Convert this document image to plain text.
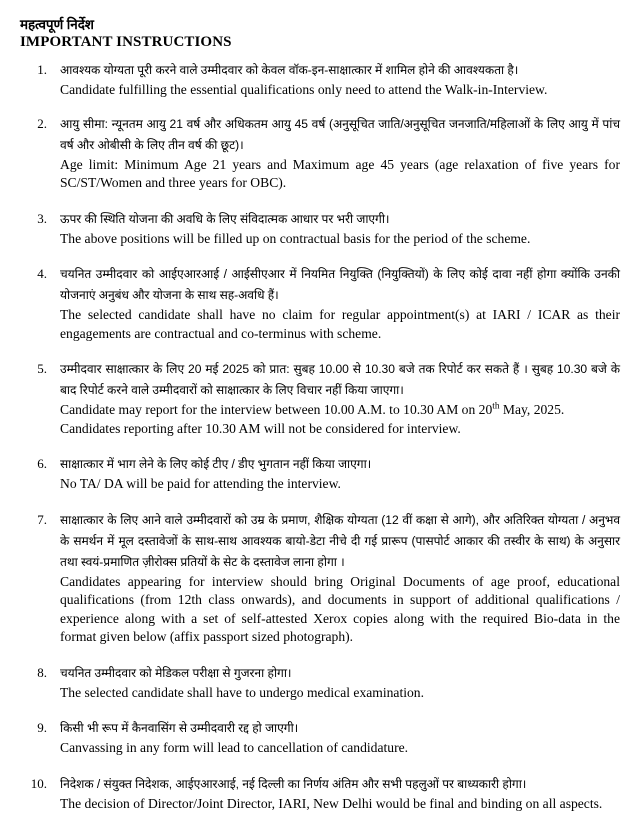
महत्वपूर्ण निर्देश
IMPORTANT INSTRUCTIONS
1.	आवश्यक योग्यता पूरी करने वाले उम्मीदवार को केवल वॉक-इन-साक्षात्कार में शामिल होने की आवश्यकता है।

Candidate fulfilling the essential qualifications only need to attend the Walk-in-Interview.

2.	आयु सीमा: न्यूनतम आयु 21 वर्ष और अधिकतम आयु 45 वर्ष (अनुसूचित जाति/अनुसूचित जनजाति/महिलाओं के लिए आयु में पांच वर्ष और ओबीसी के लिए तीन वर्ष की छूट)।

Age limit: Minimum Age 21 years and Maximum age 45 years (age relaxation of five years for SC/ST/Women and three years for OBC).

3.	ऊपर की स्थिति योजना की अवधि के लिए संविदात्मक आधार पर भरी जाएगी।

The above positions will be filled up on contractual basis for the period of the scheme.

4.	चयनित उम्मीदवार को आईएआरआई / आईसीएआर में नियमित नियुक्ति (नियुक्तियों) के लिए कोई दावा नहीं होगा क्योंकि उनकी योजनाएं अनुबंध और योजना के साथ सह-अवधि हैं।

The selected candidate shall have no claim for regular appointment(s) at IARI / ICAR as their engagements are contractual and co-terminus with scheme.

5.	उम्मीदवार साक्षात्कार के लिए 20 मई 2025 को प्रात: सुबह 10.00 से 10.30 बजे तक रिपोर्ट कर सकते हैं । सुबह 10.30 बजे के बाद रिपोर्ट करने वाले उम्मीदवारों को साक्षात्कार के लिए विचार नहीं किया जाएगा।

Candidate may report for the interview between 10.00 A.M. to 10.30 AM on 20th May, 2025.

Candidates reporting after 10.30 AM will not be considered for interview.

6.	साक्षात्कार में भाग लेने के लिए कोई टीए / डीए भुगतान नहीं किया जाएगा।

No TA/ DA will be paid for attending the interview.

7.	साक्षात्कार के लिए आने वाले उम्मीदवारों को उम्र के प्रमाण, शैक्षिक योग्यता (12 वीं कक्षा से आगे), और अतिरिक्त योग्यता / अनुभव के समर्थन में मूल दस्तावेजों के साथ-साथ आवश्यक बायो-डेटा नीचे दी गई प्रारूप (पासपोर्ट आकार की तस्वीर के साथ) के अनुसार तथा स्वयं-प्रमाणित ज़ीरोक्स प्रतियों के सेट के दस्तावेज लाना होगा ।

Candidates appearing for interview should bring Original Documents of age proof, educational qualifications (from 12th class onwards), and documents in support of additional qualifications / experience along with a set of self-attested Xerox copies along with the required Bio-data in the format given below (affix passport sized photograph).

8.	चयनित उम्मीदवार को मेडिकल परीक्षा से गुजरना होगा।

The selected candidate shall have to undergo medical examination.

9.	किसी भी रूप में कैनवासिंग से उम्मीदवारी रद्द हो जाएगी।

Canvassing in any form will lead to cancellation of candidature.

10.	निदेशक / संयुक्त निदेशक, आईएआरआई, नई दिल्ली का निर्णय अंतिम और सभी पहलुओं पर बाध्यकारी होगा।

The decision of Director/Joint Director, IARI, New Delhi would be final and binding on all aspects.
